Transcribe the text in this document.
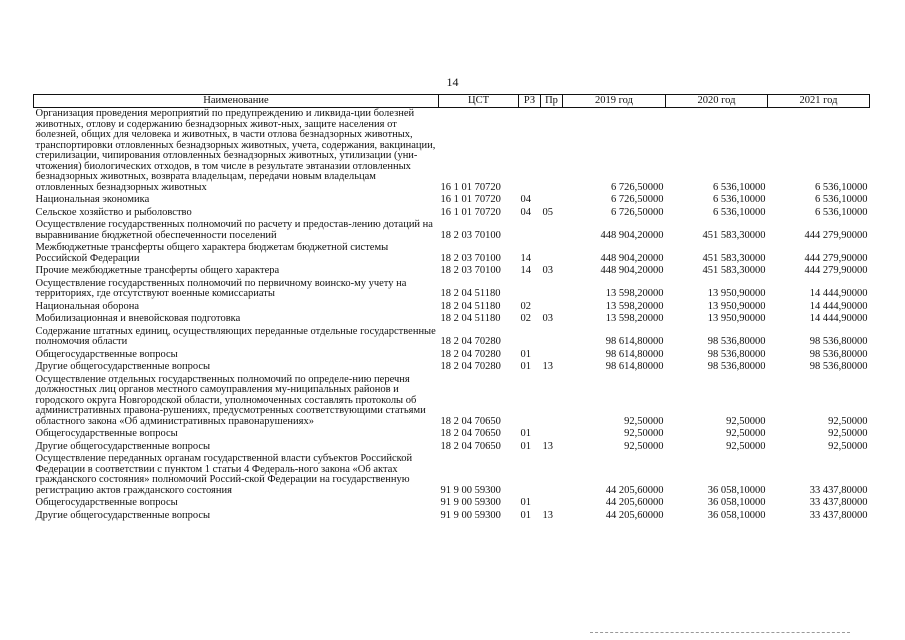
14
Наименование	ЦСТ	РЗ	Пр	2019 год	2020 год	2021 год
Организация проведения мероприятий по предупреждению и ликвида-ции болезней животных, отлову и содержанию безнадзорных живот-ных, защите населения от болезней, общих для человека и животных, в части отлова безнадзорных животных, транспортировки отловленных безнадзорных животных, учета, содержания, вакцинации, стерилизации, чипирования отловленных безнадзорных животных, утилизации (уни-чтожения) биологических отходов, в том числе в результате эвтаназии отловленных безнадзорных животных, возврата владельцам, передачи новым владельцам отловленных безнадзорных животных	16 1 01 70720			6 726,50000	6 536,10000	6 536,10000
Национальная экономика	16 1 01 70720	04		6 726,50000	6 536,10000	6 536,10000
Сельское хозяйство и рыболовство	16 1 01 70720	04	05	6 726,50000	6 536,10000	6 536,10000
Осуществление государственных полномочий по расчету и предостав-лению дотаций на выравнивание бюджетной обеспеченности поселений	18 2 03 70100			448 904,20000	451 583,30000	444 279,90000
Межбюджетные трансферты общего характера бюджетам бюджетной системы Российской Федерации	18 2 03 70100	14		448 904,20000	451 583,30000	444 279,90000
Прочие межбюджетные трансферты общего характера	18 2 03 70100	14	03	448 904,20000	451 583,30000	444 279,90000
Осуществление государственных полномочий по первичному воинско-му учету на территориях, где отсутствуют военные комиссариаты	18 2 04 51180			13 598,20000	13 950,90000	14 444,90000
Национальная оборона	18 2 04 51180	02		13 598,20000	13 950,90000	14 444,90000
Мобилизационная и вневойсковая подготовка	18 2 04 51180	02	03	13 598,20000	13 950,90000	14 444,90000
Содержание штатных единиц, осуществляющих переданные отдельные государственные полномочия области	18 2 04 70280			98 614,80000	98 536,80000	98 536,80000
Общегосударственные вопросы	18 2 04 70280	01		98 614,80000	98 536,80000	98 536,80000
Другие общегосударственные вопросы	18 2 04 70280	01	13	98 614,80000	98 536,80000	98 536,80000
Осуществление отдельных государственных полномочий по определе-нию перечня должностных лиц органов местного самоуправления му-ниципальных районов и городского округа Новгородской области, уполномоченных составлять протоколы об административных правона-рушениях, предусмотренных соответствующими статьями областного закона «Об административных правонарушениях»	18 2 04 70650			92,50000	92,50000	92,50000
Общегосударственные вопросы	18 2 04 70650	01		92,50000	92,50000	92,50000
Другие общегосударственные вопросы	18 2 04 70650	01	13	92,50000	92,50000	92,50000
Осуществление переданных органам государственной власти субъектов Российской Федерации в соответствии с пунктом 1 статьи 4 Федераль-ного закона «Об актах гражданского состояния» полномочий Россий-ской Федерации на государственную регистрацию актов гражданского состояния	91 9 00 59300			44 205,60000	36 058,10000	33 437,80000
Общегосударственные вопросы	91 9 00 59300	01		44 205,60000	36 058,10000	33 437,80000
Другие общегосударственные вопросы	91 9 00 59300	01	13	44 205,60000	36 058,10000	33 437,80000
